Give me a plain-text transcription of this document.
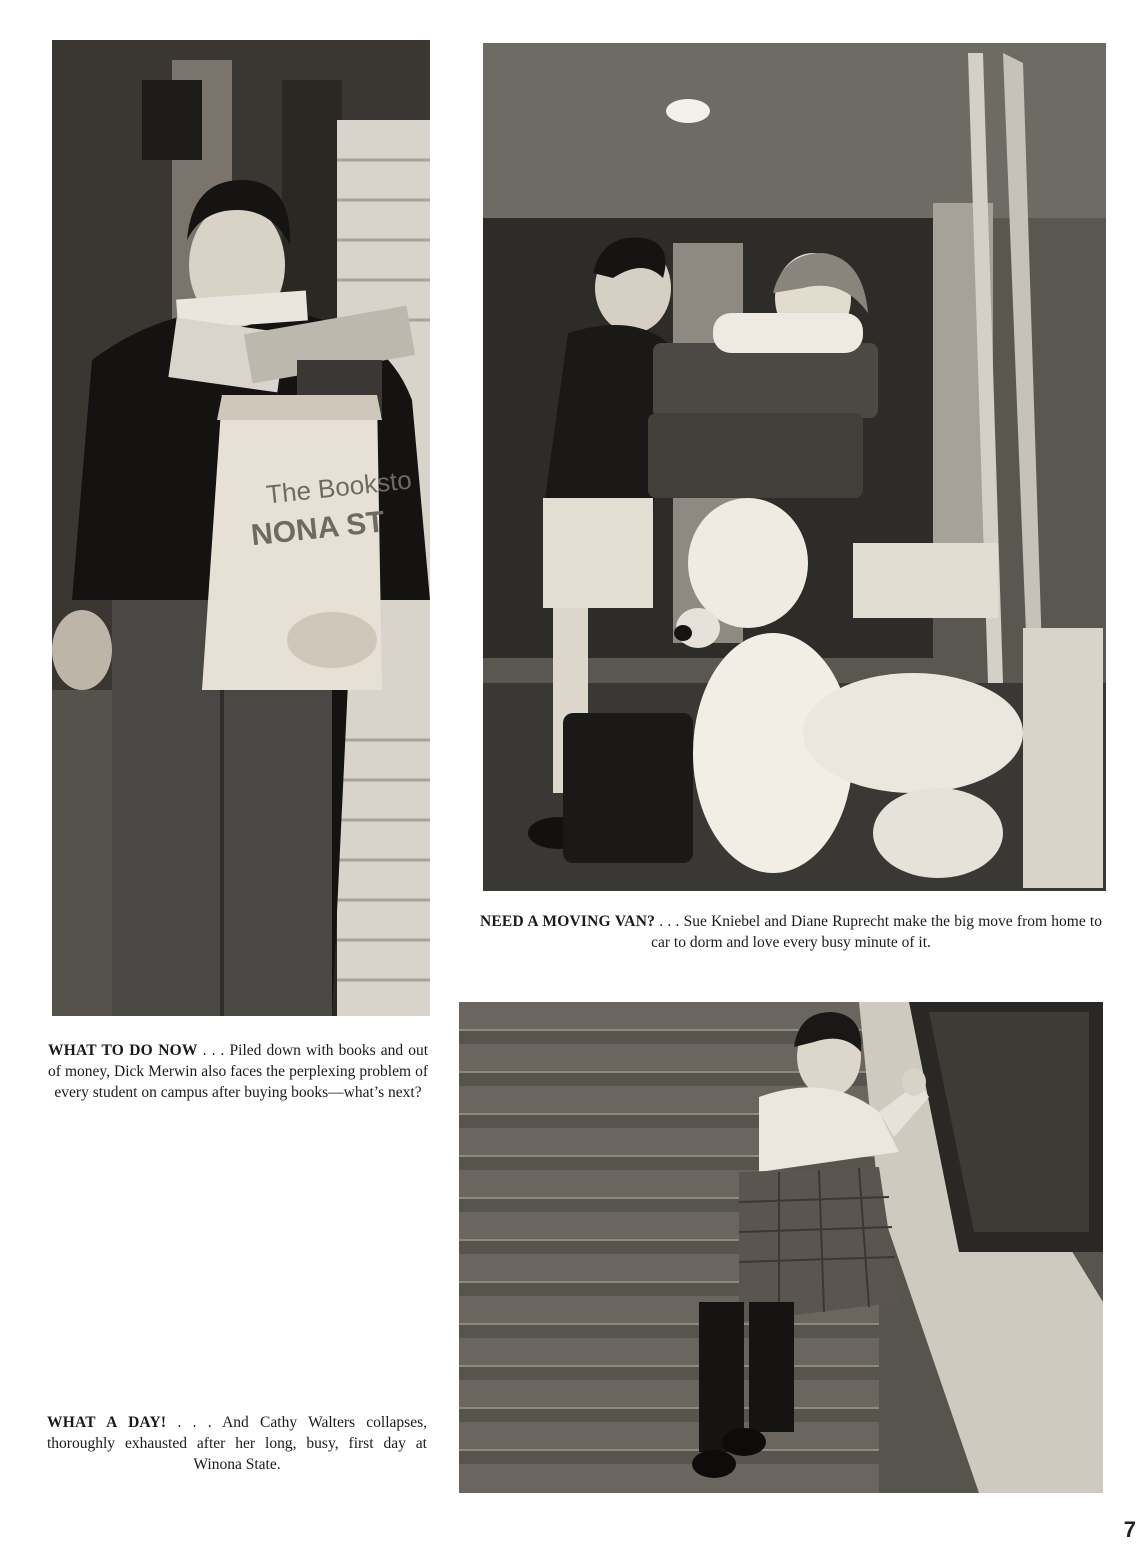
The Booksto
NONA ST

WHAT TO DO NOW . . . Piled down with books and out of money, Dick Merwin also faces the perplexing problem of every student on campus after buying books—what’s next?

NEED A MOVING VAN? . . . Sue Kniebel and Diane Ruprecht make the big move from home to car to dorm and love every busy minute of it.

WHAT A DAY! . . . And Cathy Walters collapses, thoroughly exhausted after her long, busy, first day at Winona State.

7
